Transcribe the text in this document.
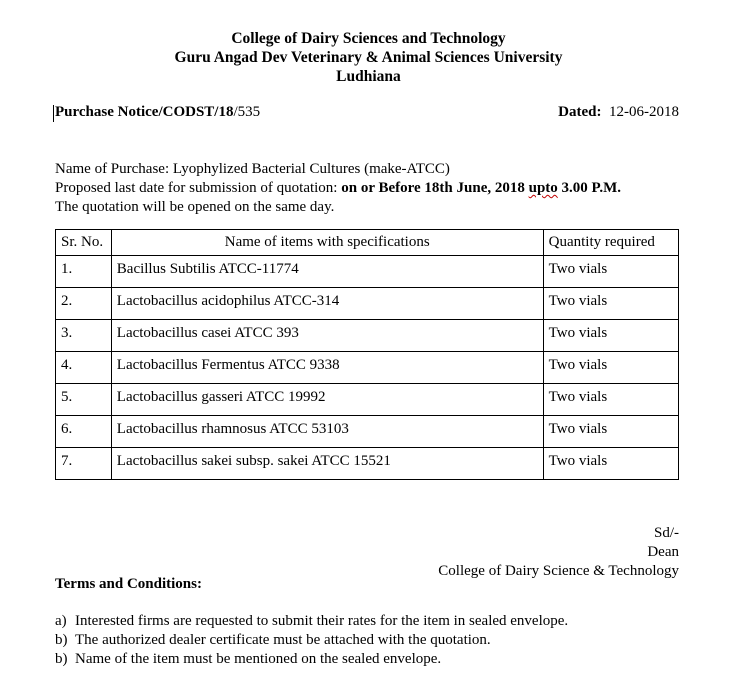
College of Dairy Sciences and Technology
Guru Angad Dev Veterinary & Animal Sciences University
Ludhiana
Purchase Notice/CODST/18/535	Dated: 12-06-2018
Name of Purchase: Lyophylized Bacterial Cultures (make-ATCC)
Proposed last date for submission of quotation: on or Before 18th June, 2018 upto 3.00 P.M.
The quotation will be opened on the same day.
Sr. No.	Name of items with specifications	Quantity required
1.	Bacillus Subtilis ATCC-11774	Two vials
2.	Lactobacillus acidophilus ATCC-314	Two vials
3.	Lactobacillus casei ATCC 393	Two vials
4.	Lactobacillus Fermentus ATCC 9338	Two vials
5.	Lactobacillus gasseri ATCC 19992	Two vials
6.	Lactobacillus rhamnosus ATCC 53103	Two vials
7.	Lactobacillus sakei subsp. sakei ATCC 15521	Two vials
Sd/-
Dean
College of Dairy Science & Technology
Terms and Conditions:
a) Interested firms are requested to submit their rates for the item in sealed envelope.
b) The authorized dealer certificate must be attached with the quotation.
b) Name of the item must be mentioned on the sealed envelope.
